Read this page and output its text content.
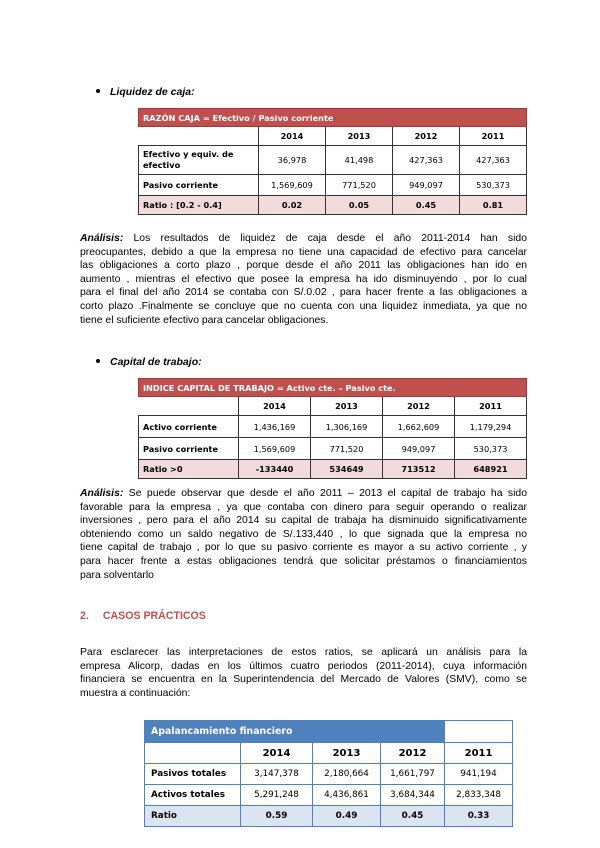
Liquidez de caja:
RAZÓN CAJA = Efectivo / Pasivo corriente				
	2014	2013	2012	2011
Efectivo y equiv. de efectivo	36,978	41,498	427,363	427,363
Pasivo corriente	1,569,609	771,520	949,097	530,373
Ratio : [0.2 - 0.4]	0.02	0.05	0.45	0.81
Análisis: Los resultados de liquidez de caja desde el año 2011-2014 han sido
preocupantes, debido a que la empresa no tiene una capacidad de efectivo para cancelar
las obligaciones a corto plazo , porque desde el año 2011 las obligaciones han ido en
aumento , mientras el efectivo que posee la empresa ha ido disminuyendo , por lo cual
para el final del año 2014 se contaba con S/.0.02 , para hacer frente a las obligaciones a
corto plazo .Finalmente se concluye que no cuenta con una liquidez inmediata, ya que no
tiene el suficiente efectivo para cancelar obligaciones.
Capital de trabajo:
INDICE CAPITAL DE TRABAJO = Activo cte. – Pasivo cte.				
	2014	2013	2012	2011
Activo corriente	1,436,169	1,306,169	1,662,609	1,179,294
Pasivo corriente	1,569,609	771,520	949,097	530,373
Ratio >0	-133440	534649	713512	648921
Análisis: Se puede observar que desde el año 2011 – 2013 el capital de trabajo ha sido
favorable para la empresa , ya que contaba con dinero para seguir operando o realizar
inversiones , pero para el año 2014 su capital de trabaja ha disminuido significativamente
obteniendo como un saldo negativo de S/.133,440 , lo que signada que la empresa no
tiene capital de trabajo , por lo que su pasivo corriente es mayor a su activo corriente , y
para hacer frente a estas obligaciones tendrá que solicitar préstamos o financiamientos
para solventarlo
2. CASOS PRÁCTICOS
Para esclarecer las interpretaciones de estos ratios, se aplicará un análisis para la
empresa Alicorp, dadas en los últimos cuatro periodos (2011-2014), cuya información
financiera se encuentra en la Superintendencia del Mercado de Valores (SMV), como se
muestra a continuación:
Apalancamiento financiero				
	2014	2013	2012	2011
Pasivos totales	3,147,378	2,180,664	1,661,797	941,194
Activos totales	5,291,248	4,436,861	3,684,344	2,833,348
Ratio	0.59	0.49	0.45	0.33
